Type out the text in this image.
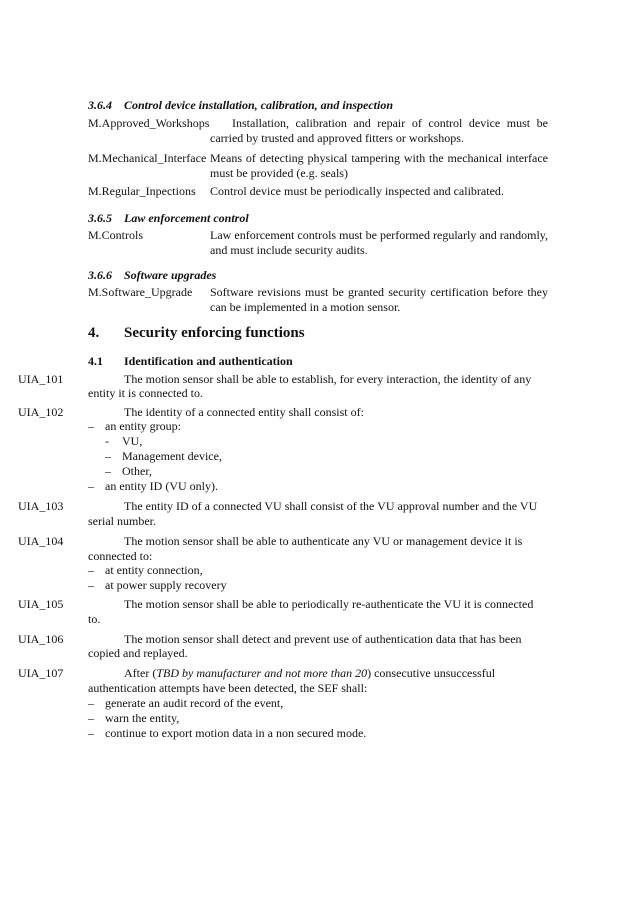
3.6.4 Control device installation, calibration, and inspection
M.Approved_Workshops	Installation, calibration and repair of control device must be carried by trusted and approved fitters or workshops.
M.Mechanical_Interface Means of detecting physical tampering with the mechanical interface must be provided (e.g. seals)
M.Regular_Inpections Control device must be periodically inspected and calibrated.
3.6.5 Law enforcement control
M.Controls	Law enforcement controls must be performed regularly and randomly, and must include security audits.
3.6.6 Software upgrades
M.Software_Upgrade Software revisions must be granted security certification before they can be implemented in a motion sensor.
4. Security enforcing functions
4.1 Identification and authentication
UIA_101	The motion sensor shall be able to establish, for every interaction, the identity of any
entity it is connected to.
UIA_102	The identity of a connected entity shall consist of:
– an entity group:
- VU,
– Management device,
– Other,
– an entity ID (VU only).
UIA_103	The entity ID of a connected VU shall consist of the VU approval number and the VU
serial number.
UIA_104	The motion sensor shall be able to authenticate any VU or management device it is
connected to:
– at entity connection,
– at power supply recovery
UIA_105	The motion sensor shall be able to periodically re-authenticate the VU it is connected
to.
UIA_106	The motion sensor shall detect and prevent use of authentication data that has been
copied and replayed.
UIA_107	After (TBD by manufacturer and not more than 20) consecutive unsuccessful
authentication attempts have been detected, the SEF shall:
– generate an audit record of the event,
– warn the entity,
– continue to export motion data in a non secured mode.
